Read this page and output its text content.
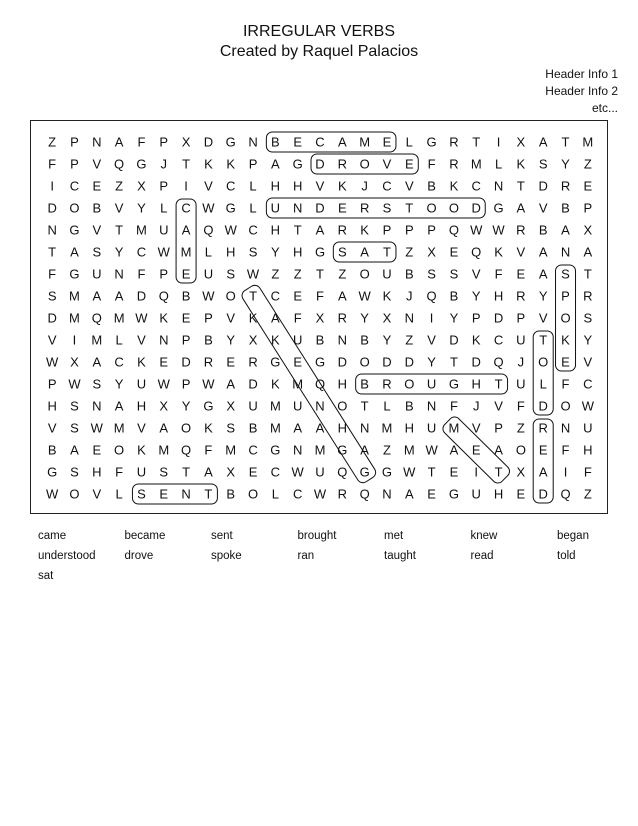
IRREGULAR VERBS
Created by Raquel Palacios
Header Info 1
Header Info 2
etc...
Z P N A F P X D G N B E C A M E L G R T I X A T M
F P V Q G J T K K P A G D R O V E F R M L K S Y Z
I C E Z X P I V C L H H V K J C V B K C N T D R E
D O B V Y L C W G L U N D E R S T O O D G A V B P
N G V T M U A Q W C H T A R K P P P Q W W R B A X
T A S Y C W M L H S Y H G S A T Z X E Q K V A N A
F G U N F P E U S W Z Z T Z O U B S S V F E A S T
S M A A D Q B W O T C E F A W K J Q B Y H R Y P R
D M Q M W K E P V K A F X R Y X N I Y P D P V O S
V I M L V N P B Y X K U B N B Y Z V D K C U T K Y
W X A C K E D R E R G E G D O D D Y T D Q J O E V
P W S Y U W P W A D K M Q H B R O U G H T U L F C
H S N A H X Y G X U M U N O T L B N F J V F D O W
V S W M V A O K S B M A A H N M H U M V P Z R N U
B A E O K M Q F M C G N M G A Z M W A E A O E F H
G S H F U S T A X E C W U Q G G W T E I T X A I F
W O V L S E N T B O L C W R Q N A E G U H E D Q Z
came	became	sent	brought	met	knew	began
understood	drove	spoke	ran	taught	read	told
sat
